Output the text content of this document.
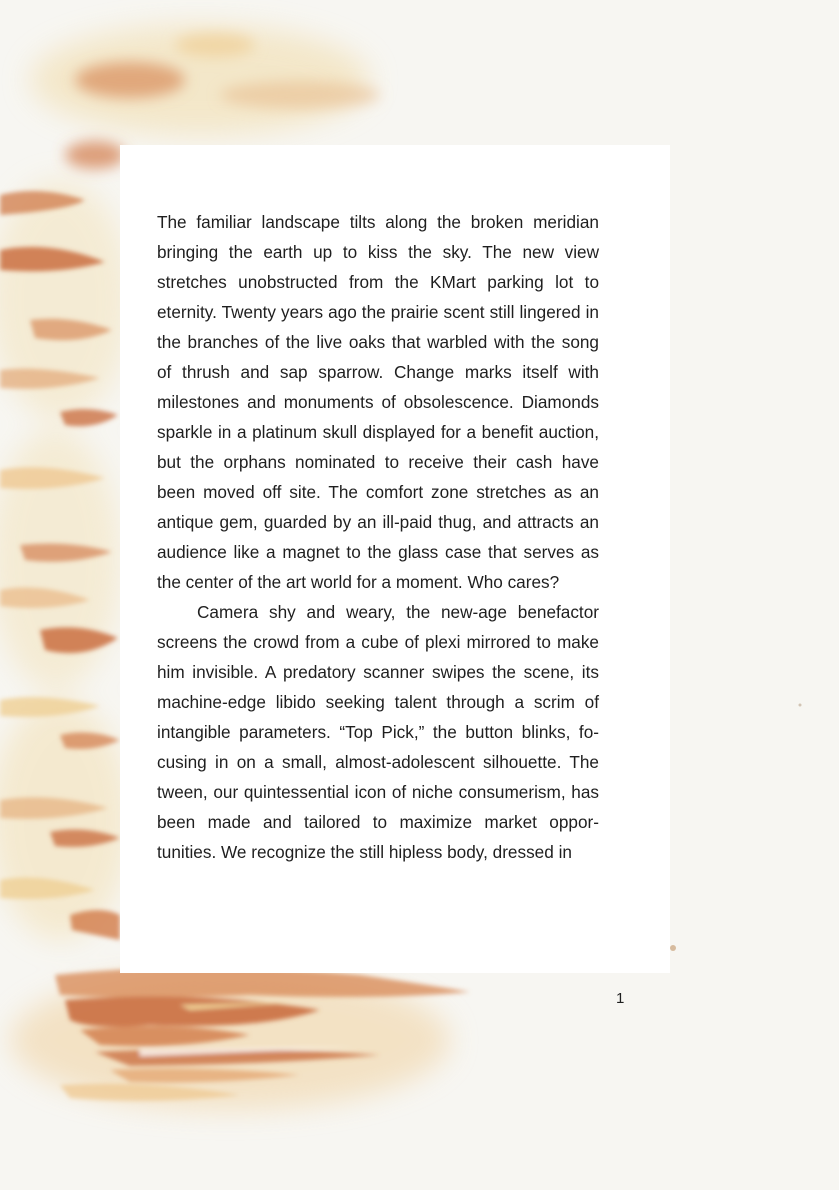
The familiar landscape tilts along the broken meridian bringing the earth up to kiss the sky. The new view stretches unobstructed from the KMart parking lot to eternity. Twenty years ago the prairie scent still lingered in the branches of the live oaks that warbled with the song of thrush and sap sparrow. Change marks itself with milestones and monuments of obsolescence. Diamonds sparkle in a platinum skull displayed for a benefit auction, but the orphans nominated to receive their cash have been moved off site. The comfort zone stretches as an antique gem, guarded by an ill-paid thug, and attracts an audience like a magnet to the glass case that serves as the center of the art world for a moment. Who cares?

Camera shy and weary, the new-age benefactor screens the crowd from a cube of plexi mirrored to make him invisible. A predatory scanner swipes the scene, its machine-edge libido seeking talent through a scrim of intangible parameters. “Top Pick,” the button blinks, focusing in on a small, almost-adolescent silhouette. The tween, our quintessential icon of niche consumerism, has been made and tailored to maximize market opportunities. We recognize the still hipless body, dressed in

1
